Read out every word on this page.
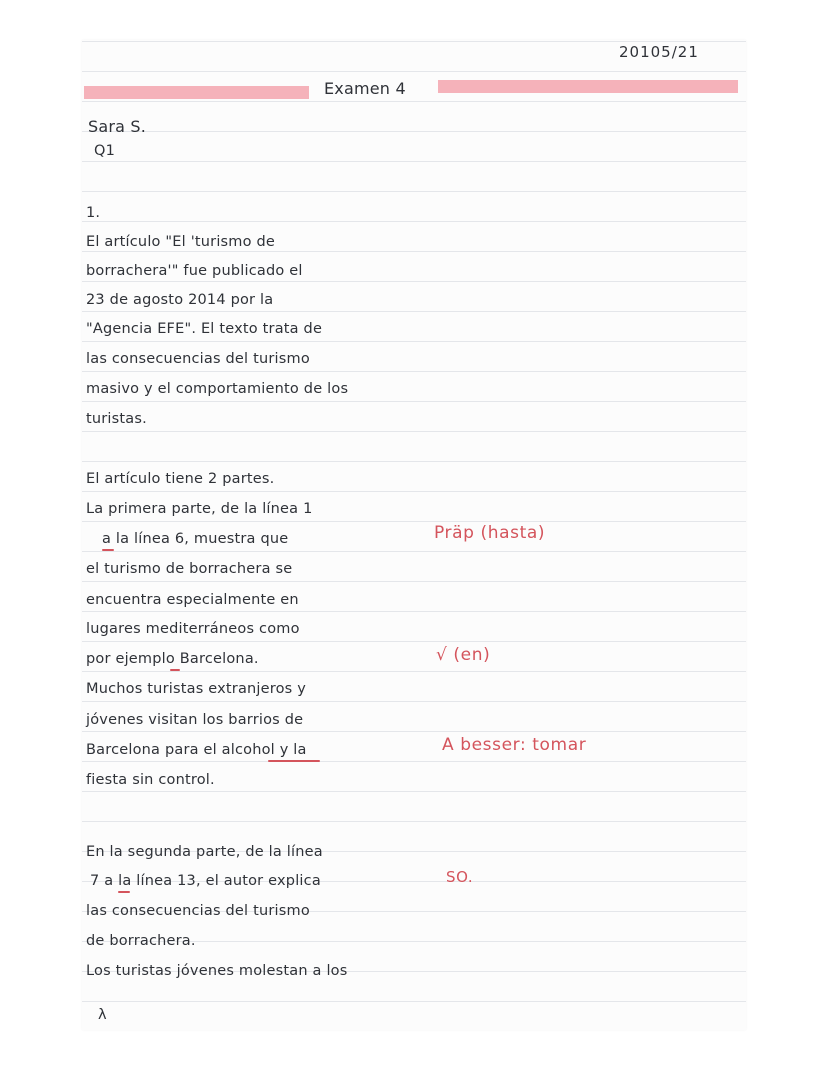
20105/21
Examen 4
Sara S.
Q1
1.
El artículo "El 'turismo de
borrachera'" fue publicado el
23 de agosto 2014 por la
"Agencia EFE". El texto trata de
las consecuencias del turismo
masivo y el comportamiento de los
turistas.
El artículo tiene 2 partes.
La primera parte, de la línea 1
a la línea 6, muestra que
el turismo de borrachera se
encuentra especialmente en
lugares mediterráneos como
por ejemplo Barcelona.
Muchos turistas extranjeros y
jóvenes visitan los barrios de
Barcelona para el alcohol y la
fiesta sin control.
En la segunda parte, de la línea
7 a la línea 13, el autor explica
las consecuencias del turismo
de borrachera.
Los turistas jóvenes molestan a los
λ
Präp (hasta)
√ (en)
A besser: tomar
SO.
